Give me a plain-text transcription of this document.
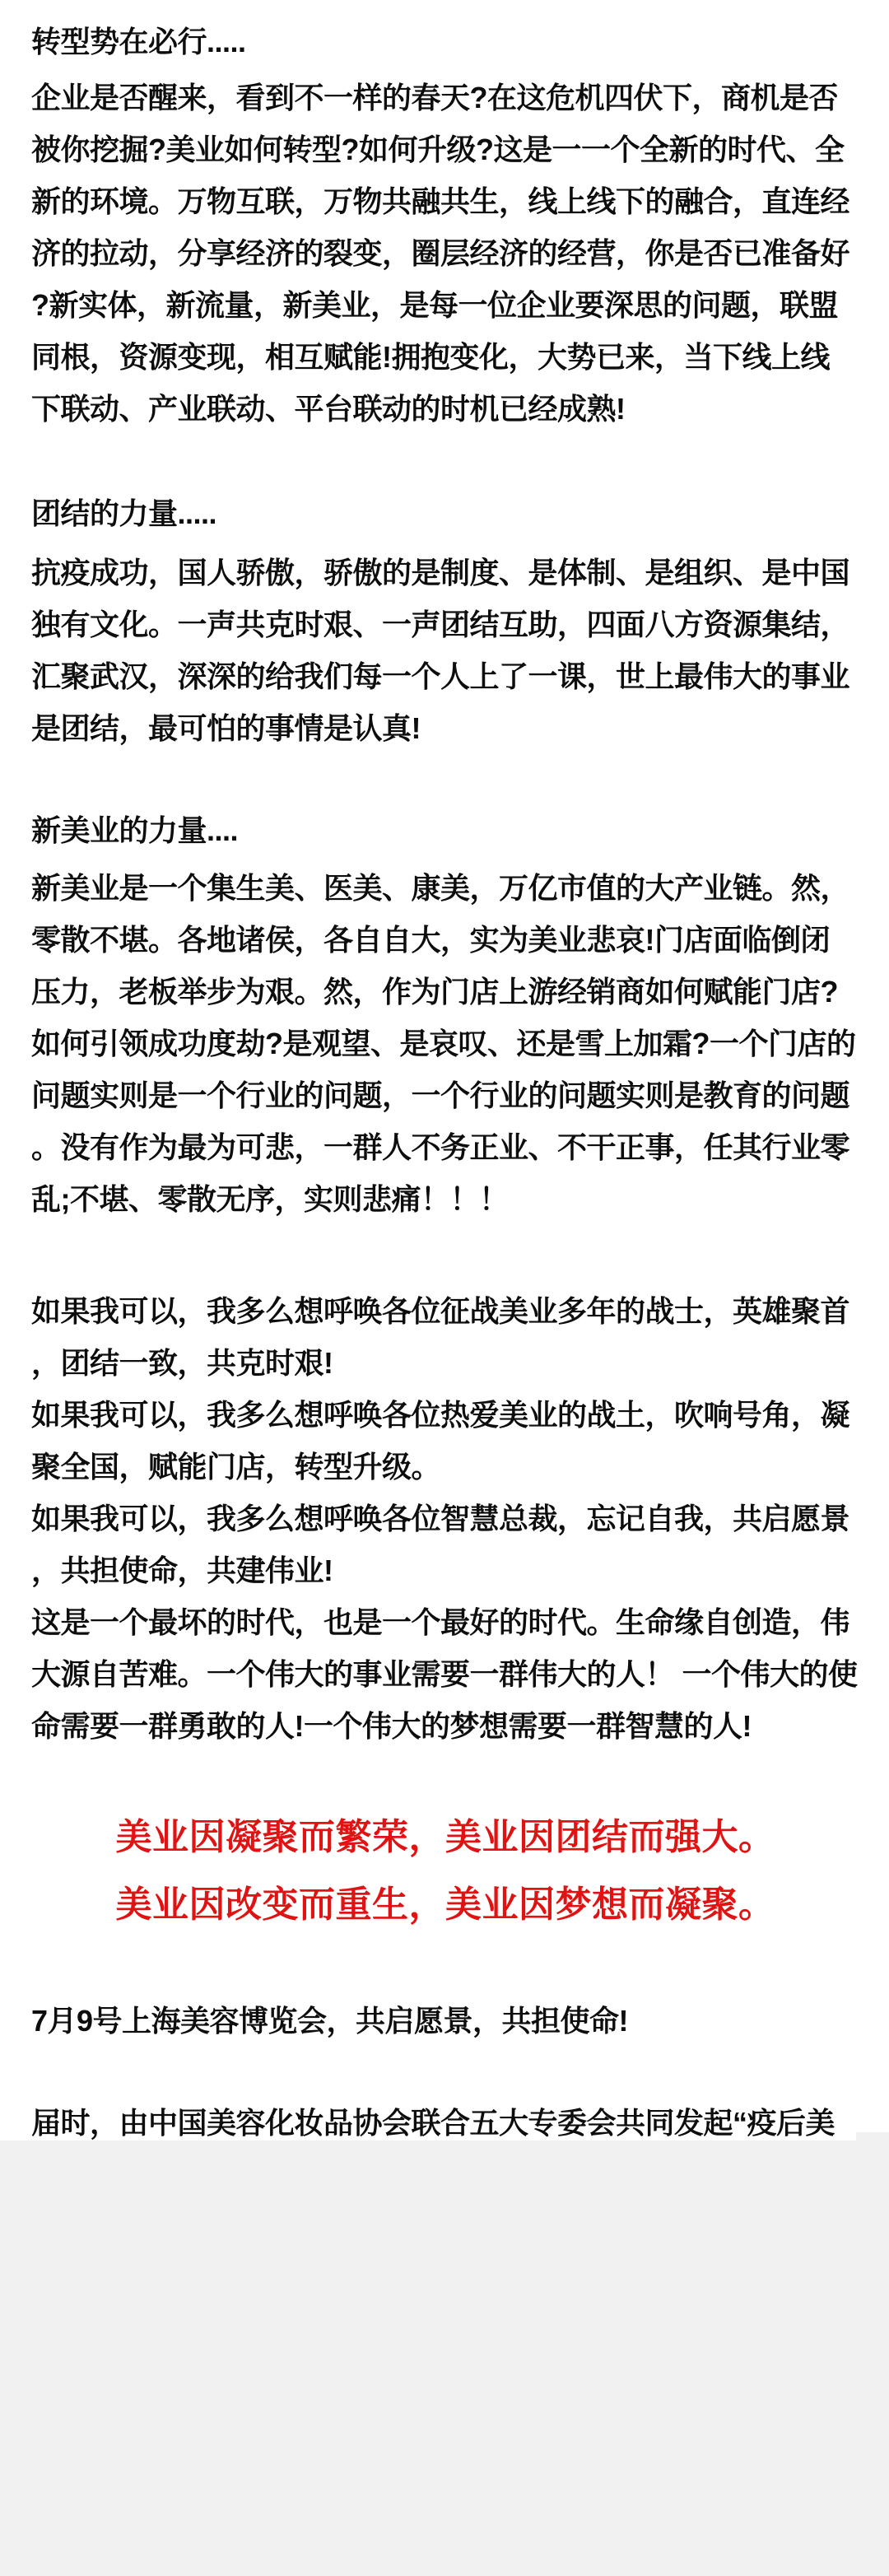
转型势在必行.....
企业是否醒来，看到不一样的春天?在这危机四伏下，商机是否
被你挖掘?美业如何转型?如何升级?这是一一个全新的时代、全
新的环境。万物互联，万物共融共生，线上线下的融合，直连经
济的拉动，分享经济的裂变，圈层经济的经营，你是否已准备好
?新实体，新流量，新美业，是每一位企业要深思的问题，联盟
同根，资源变现，相互赋能!拥抱变化，大势已来，当下线上线
下联动、产业联动、平台联动的时机已经成熟!
团结的力量.....
抗疫成功，国人骄傲，骄傲的是制度、是体制、是组织、是中国
独有文化。一声共克时艰、一声团结互助，四面八方资源集结，
汇聚武汉，深深的给我们每一个人上了一课，世上最伟大的事业
是团结，最可怕的事情是认真!
新美业的力量....
新美业是一个集生美、医美、康美，万亿市值的大产业链。然，
零散不堪。各地诸侯，各自自大，实为美业悲哀!门店面临倒闭
压力，老板举步为艰。然，作为门店上游经销商如何赋能门店?
如何引领成功度劫?是观望、是哀叹、还是雪上加霜?一个门店的
问题实则是一个行业的问题，一个行业的问题实则是教育的问题
。没有作为最为可悲，一群人不务正业、不干正事，任其行业零
乱;不堪、零散无序，实则悲痛！！！
如果我可以，我多么想呼唤各位征战美业多年的战士，英雄聚首
，团结一致，共克时艰!
如果我可以，我多么想呼唤各位热爱美业的战土，吹响号角，凝
聚全国，赋能门店，转型升级。
如果我可以，我多么想呼唤各位智慧总裁，忘记自我，共启愿景
，共担使命，共建伟业!
这是一个最坏的时代，也是一个最好的时代。生命缘自创造，伟
大源自苦难。一个伟大的事业需要一群伟大的人！ 一个伟大的使
命需要一群勇敢的人!一个伟大的梦想需要一群智慧的人!
美业因凝聚而繁荣，美业因团结而强大。
美业因改变而重生，美业因梦想而凝聚。
7月9号上海美容博览会，共启愿景，共担使命!
届时，由中国美容化妆品协会联合五大专委会共同发起“疫后美
